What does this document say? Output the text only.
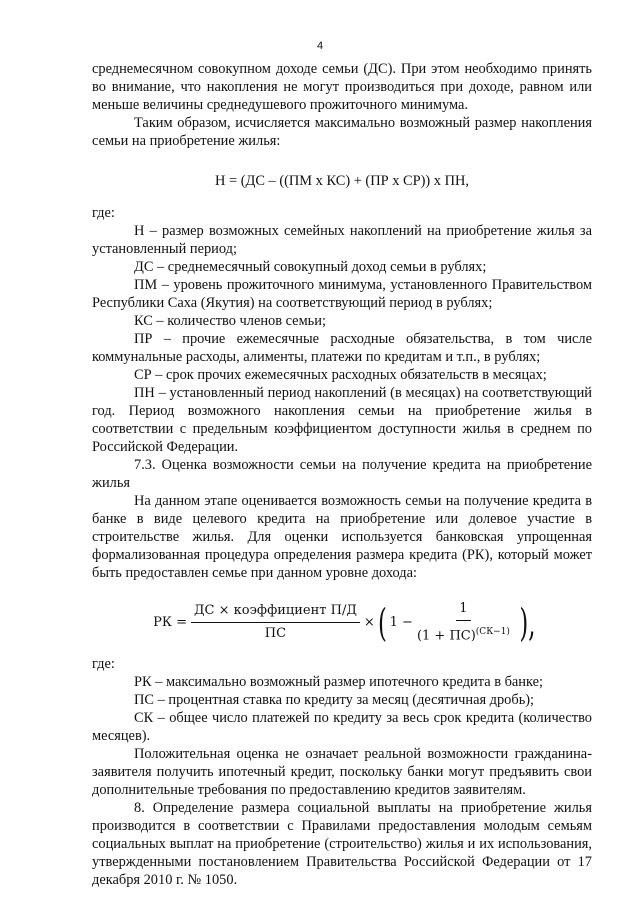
4

среднемесячном совокупном доходе семьи (ДС). При этом необходимо принять во внимание, что накопления не могут производиться при доходе, равном или меньше величины среднедушевого прожиточного минимума.

Таким образом, исчисляется максимально возможный размер накопления семьи на приобретение жилья:

Н = (ДС – ((ПМ х КС) + (ПР х СР)) х ПН,

где:

Н – размер возможных семейных накоплений на приобретение жилья за установленный период;

ДС – среднемесячный совокупный доход семьи в рублях;

ПМ – уровень прожиточного минимума, установленного Правительством Республики Саха (Якутия) на соответствующий период в рублях;

КС – количество членов семьи;

ПР – прочие ежемесячные расходные обязательства, в том числе коммунальные расходы, алименты, платежи по кредитам и т.п., в рублях;

СР – срок прочих ежемесячных расходных обязательств в месяцах;

ПН – установленный период накоплений (в месяцах) на соответствующий год. Период возможного накопления семьи на приобретение жилья в соответствии с предельным коэффициентом доступности жилья в среднем по Российской Федерации.

7.3. Оценка возможности семьи на получение кредита на приобретение жилья

На данном этапе оценивается возможность семьи на получение кредита в банке в виде целевого кредита на приобретение или долевое участие в строительстве жилья. Для оценки используется банковская упрощенная формализованная процедура определения размера кредита (РК), который может быть предоставлен семье при данном уровне дохода:

РК = $\frac{\text{ДС × коэффициент П/Д}}{ПС}$ × ( $1 - \frac{1}{(1 + ПС)^{(СК-1)}}$ ),

где:

РК – максимально возможный размер ипотечного кредита в банке;

ПС – процентная ставка по кредиту за месяц (десятичная дробь);

СК – общее число платежей по кредиту за весь срок кредита (количество месяцев).

Положительная оценка не означает реальной возможности гражданина-заявителя получить ипотечный кредит, поскольку банки могут предъявить свои дополнительные требования по предоставлению кредитов заявителям.

8. Определение размера социальной выплаты на приобретение жилья производится в соответствии с Правилами предоставления молодым семьям социальных выплат на приобретение (строительство) жилья и их использования, утвержденными постановлением Правительства Российской Федерации от 17 декабря 2010 г. № 1050.
